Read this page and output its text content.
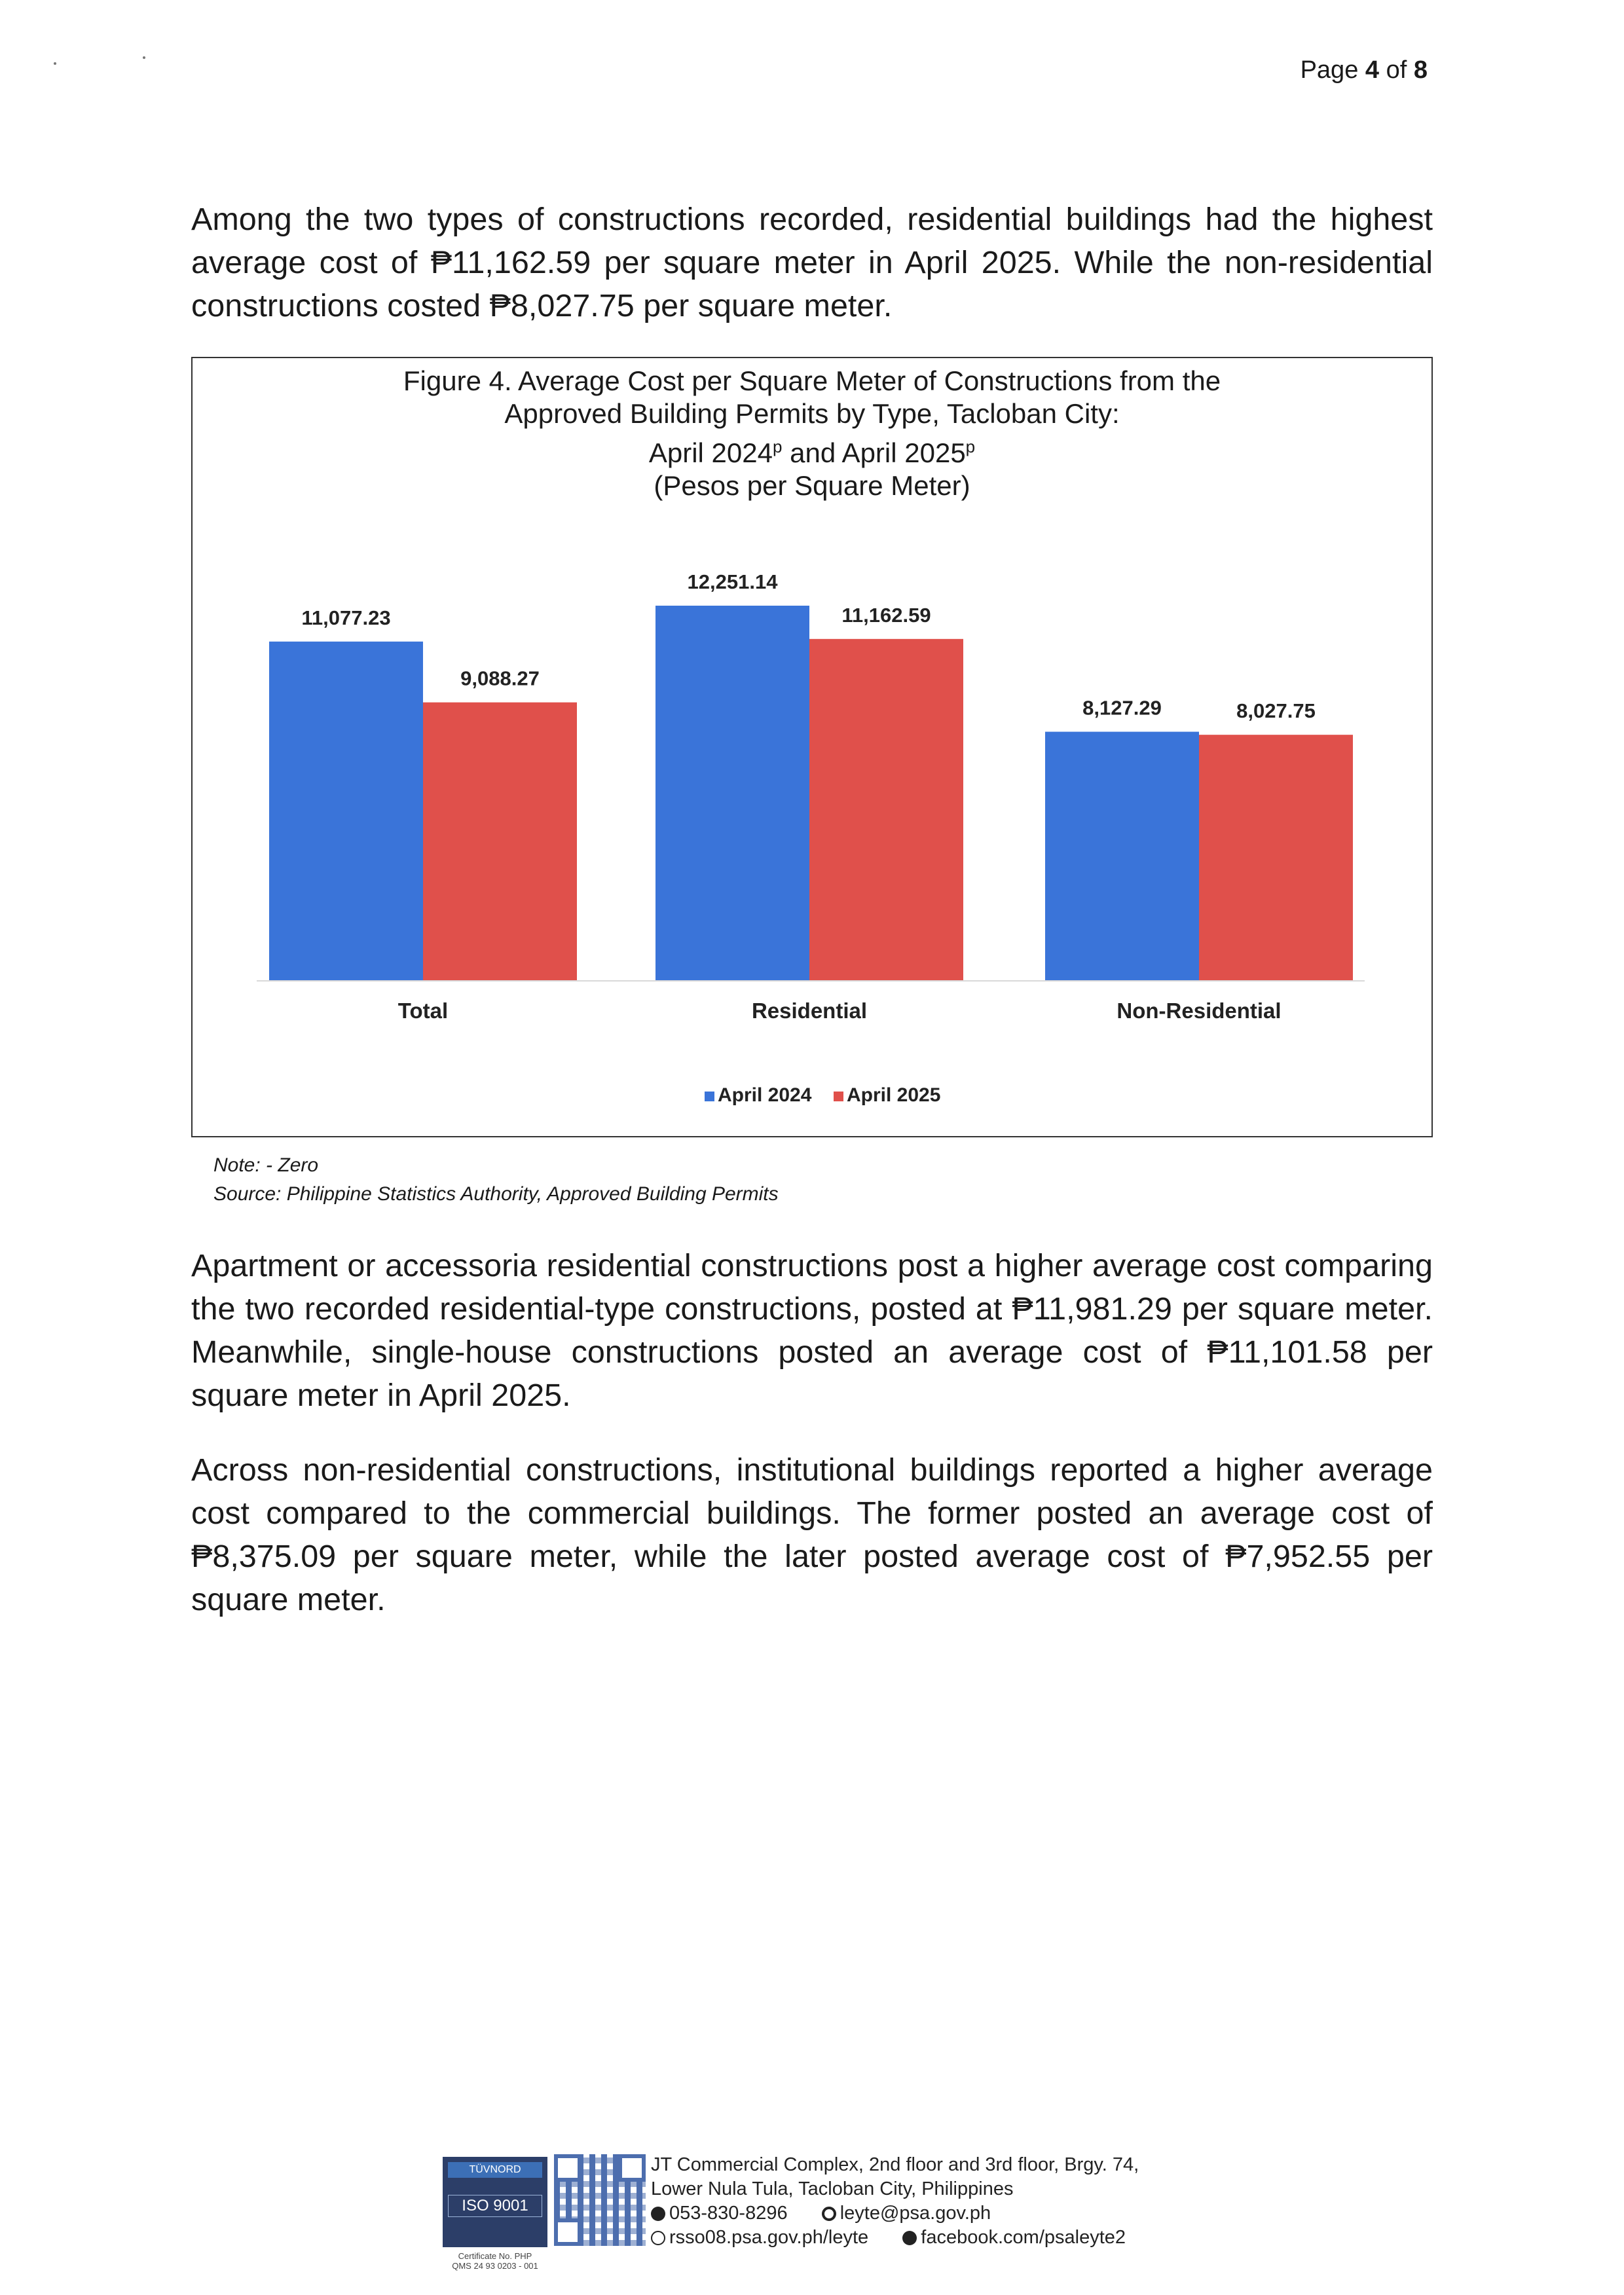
Page 4 of 8

Among the two types of constructions recorded, residential buildings had the highest average cost of ₱11,162.59 per square meter in April 2025. While the non-residential constructions costed ₱8,027.75 per square meter.

Figure 4. Average Cost per Square Meter of Constructions from the
Approved Building Permits by Type, Tacloban City:
April 2024$^p$ and April 2025$^p$
(Pesos per Square Meter)
11,077.23
9,088.27
Total
12,251.14
11,162.59
Residential
8,127.29	8,027.75
Non-Residential
April 2024 April 2025
Note: - Zero
Source: Philippine Statistics Authority, Approved Building Permits

Apartment or accessoria residential constructions post a higher average cost comparing the two recorded residential-type constructions, posted at ₱11,981.29 per square meter. Meanwhile, single-house constructions posted an average cost of ₱11,101.58 per square meter in April 2025.

Across non-residential constructions, institutional buildings reported a higher average cost compared to the commercial buildings. The former posted an average cost of ₱8,375.09 per square meter, while the later posted average cost of ₱7,952.55 per square meter.

TÜVNORD
ISO 9001
Certificate No. PHP
QMS 24 93 0203 - 001
JT Commercial Complex, 2nd floor and 3rd floor, Brgy. 74,
Lower Nula Tula, Tacloban City, Philippines
053-830-8296	leyte@psa.gov.ph
rsso08.psa.gov.ph/leyte	facebook.com/psaleyte2
